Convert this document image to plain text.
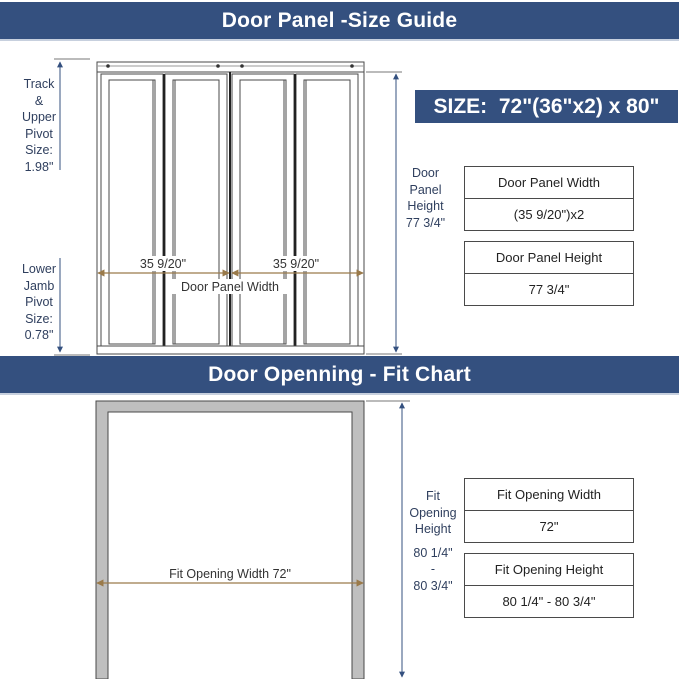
Door Panel -Size Guide
Door Openning - Fit Chart
SIZE:  72"(36"x2) x 80"
Track
&
Upper
Pivot
Size:
1.98"
Lower
Jamb
Pivot
Size:
0.78"
Door
Panel
Height
77 3/4"
Fit
Opening
Height
80 1/4"
-
80 3/4"
Door Panel Width
(35 9/20")x2
Door Panel Height
77 3/4"
Fit Opening Width
72"
Fit Opening Height
80 1/4" - 80 3/4"
35 9/20"	35 9/20"
Door Panel Width
Fit Opening Width 72"
